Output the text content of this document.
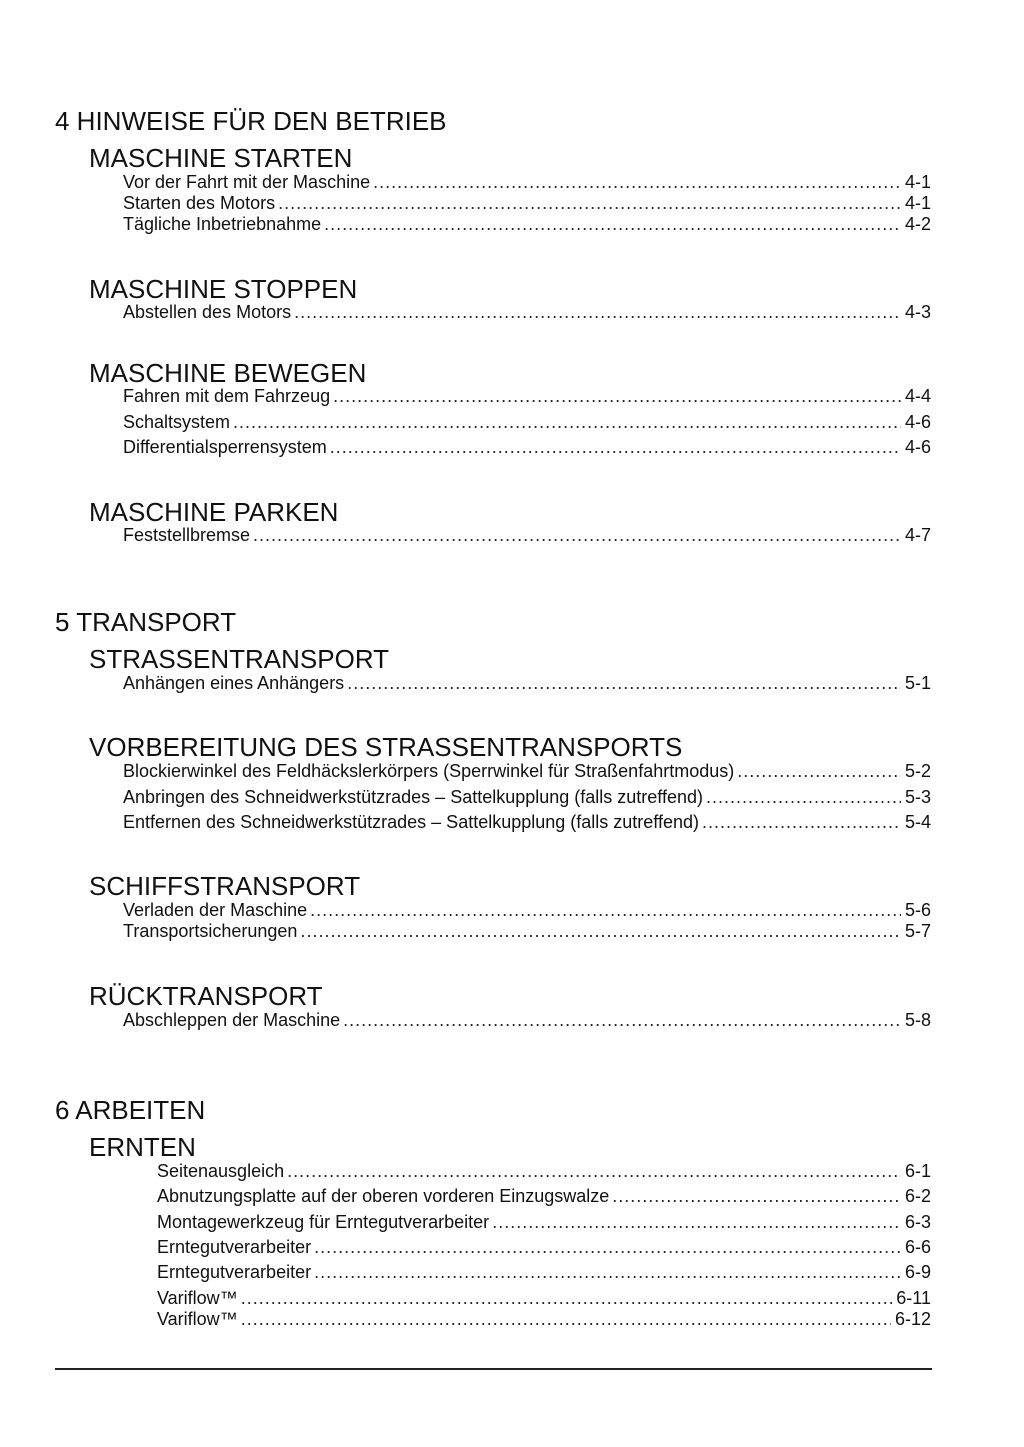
4 HINWEISE FÜR DEN BETRIEB
MASCHINE STARTEN
Vor der Fahrt mit der Maschine .....	4-1
Starten des Motors .....	4-1
Tägliche Inbetriebnahme .....	4-2
MASCHINE STOPPEN
Abstellen des Motors .....	4-3
MASCHINE BEWEGEN
Fahren mit dem Fahrzeug .....	4-4
Schaltsystem .....	4-6
Differentialsperrensystem .....	4-6
MASCHINE PARKEN
Feststellbremse .....	4-7
5 TRANSPORT
STRASSENTRANSPORT
Anhängen eines Anhängers .....	5-1
VORBEREITUNG DES STRASSENTRANSPORTS
Blockierwinkel des Feldhäckslerkörpers (Sperrwinkel für Straßenfahrtmodus) .....	5-2
Anbringen des Schneidwerkstützrades – Sattelkupplung (falls zutreffend) .....	5-3
Entfernen des Schneidwerkstützrades – Sattelkupplung (falls zutreffend) .....	5-4
SCHIFFSTRANSPORT
Verladen der Maschine .....	5-6
Transportsicherungen .....	5-7
RÜCKTRANSPORT
Abschleppen der Maschine .....	5-8
6 ARBEITEN
ERNTEN
Seitenausgleich .....	6-1
Abnutzungsplatte auf der oberen vorderen Einzugswalze .....	6-2
Montagewerkzeug für Erntegutverarbeiter .....	6-3
Erntegutverarbeiter .....	6-6
Erntegutverarbeiter .....	6-9
Variflow™ .....	6-11
Variflow™ .....	6-12
